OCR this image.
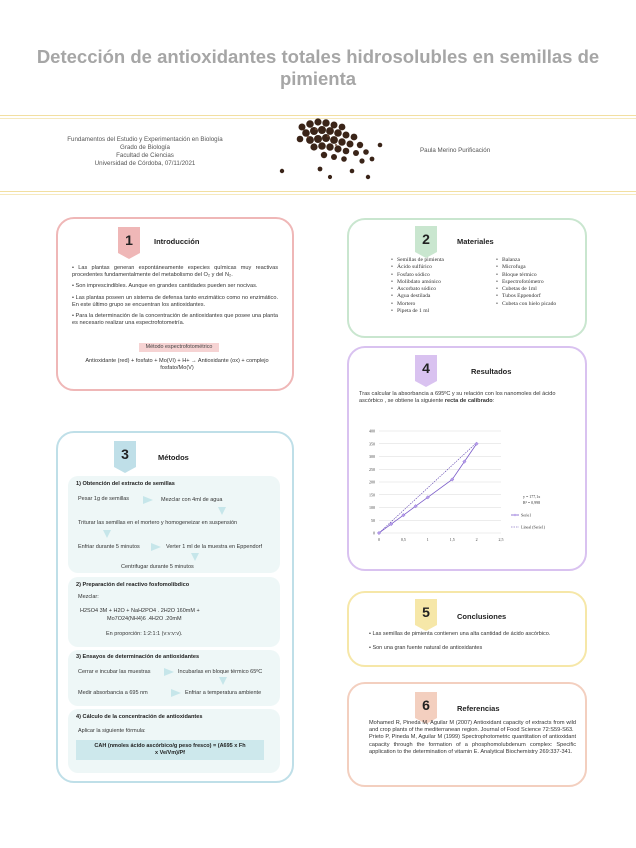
Detección de antioxidantes totales hidrosolubles en semillas de pimienta
Fundamentos del Estudio y Experimentación en Biología
Grado de Biología
Facultad de Ciencias
Universidad de Córdoba, 07/11/2021
Paula Merino Purificación
1	Introducción
• Las plantas generan espontáneamente especies químicas muy reactivas procedentes fundamentalmente del metabolismo del O₂ y del N₂.
• Son imprescindibles. Aunque en grandes cantidades pueden ser nocivas.
• Las plantas poseen un sistema de defensa tanto enzimático como no enzimático. En este último grupo se encuentran los antioxidantes.
• Para la determinación de la concentración de antioxidantes que posee una planta es necesario realizar una espectrofotometría.
Método espectrofotométrico
Antioxidante (red) + fosfato + Mo(VI) + H+ → Antioxidante (ox) + complejo
fosfato/Mo(V)
2	Materiales
• Semillas de pimienta
• Ácido sulfúrico
• Fosfato sódico
• Molibdato amónico
• Ascorbato sódico
• Agua destilada
• Mortero
• Pipeta de 1 ml
• Balanza
• Microfuga
• Bloque térmico
• Espectrofotómetro
• Cubetas de 1ml
• Tubos Eppendorf
• Cubeta con hielo picado
4	Resultados
Tras calcular la absorbancia a 695ºC y su relación con los nanomoles del ácido ascórbico , se obtiene la siguiente recta de calibrado:
0
50
100
150
200
250
300
350
400
0	0,5	1	1,5	2	2,5
y = 177,1x
R² = 0,998
Serie1
Lineal (Serie1)
3	Métodos
1) Obtención del extracto de semillas
Pesar 1g de semillas	Mezclar con 4ml de agua
Triturar las semillas en el mortero y homogeneizar en suspensión
Enfriar durante 5 minutos	Verter 1 ml de la muestra en Eppendorf
Centrifugar durante 5 minutos
2) Preparación del reactivo fosfomolibdico
Mezclar:
H2SO4 3M + H2O + NaH2PO4 . 2H2O 160mM +
Mo7O24(NH4)6 .4H2O .20mM
En proporción: 1:2:1:1 (v:v:v:v).
3) Ensayos de determinación de antioxidantes
Cerrar e incubar las muestras	Incubarlas en bloque térmico 65ºC
Medir absorbancia a 695 nm	Enfriar a temperatura ambiente
4) Cálculo de la concentración de antioxidantes
Aplicar la siguiente fórmula:
CAH (nmoles ácido ascórbico/g peso fresco) = (A695 x Fh
x Ve/Vm)/Pf
5	Conclusiones
• Las semillas de pimienta contienen una alta cantidad de ácido ascórbico.
• Son una gran fuente natural de antioxidantes
6	Referencias
Mohamed R, Pineda M, Aguilar M (2007) Antioxidant capacity of extracts from wild and crop plants of the mediterranean region. Journal of Food Science 72:S59-S63.
Prieto P, Pineda M, Aguilar M (1999) Spectrophotometric quantitation of antioxidant capacity through the formation of a phosphomolubdenum complex: Specific application to the determination of vitamin E. Analytical Biochemistry 269:337-341.
